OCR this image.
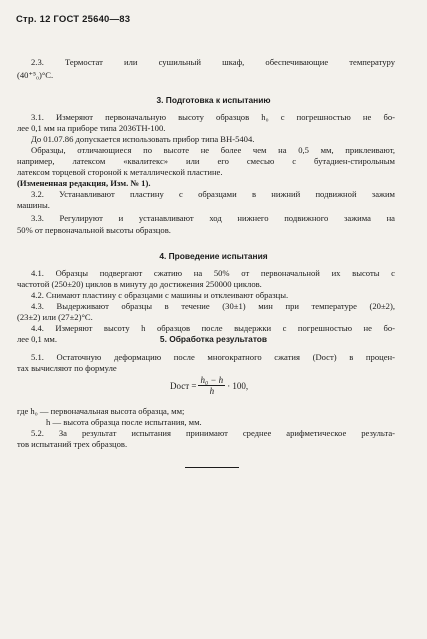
Стр. 12 ГОСТ 25640—83
2.3. Термостат или сушильный шкаф, обеспечивающие температуру
(40⁺⁵₀)°С.
3. Подготовка к испытанию
3.1. Измеряют первоначальную высоту образцов h₀ с погрешностью не бо-
лее 0,1 мм на приборе типа 2036ТН-100.
До 01.07.86 допускается использовать прибор типа ВН-5404.
Образцы, отличающиеся по высоте не более чем на 0,5 мм, приклеивают,
например, латексом «квалитекс» или его смесью с бутадиен-стирольным
латексом торцевой стороной к металлической пластине.
(Измененная редакция, Изм. № 1).
3.2. Устанавливают пластину с образцами в нижний подвижной зажим
машины.
3.3. Регулируют и устанавливают ход нижнего подвижного зажима на
50% от первоначальной высоты образцов.
4. Проведение испытания
4.1. Образцы подвергают сжатию на 50% от первоначальной их высоты с
частотой (250±20) циклов в минуту до достижения 250000 циклов.
4.2. Снимают пластину с образцами с машины и отклеивают образцы.
4.3. Выдерживают образцы в течение (30±1) мин при температуре (20±2),
(23±2) или (27±2)°С.
4.4. Измеряют высоту h образцов после выдержки с погрешностью не бо-
лее 0,1 мм.	5. Обработка результатов
5.1. Остаточную деформацию после многократного сжатия (Dост) в процен-
тах вычисляют по формуле
Dост = $\frac{\text{h₀ − h}}{h} \cdot 100$,
где h₀ — первоначальная высота образца, мм;
h — высота образца после испытания, мм.
5.2. За результат испытания принимают среднее арифметическое результа-
тов испытаний трех образцов.
